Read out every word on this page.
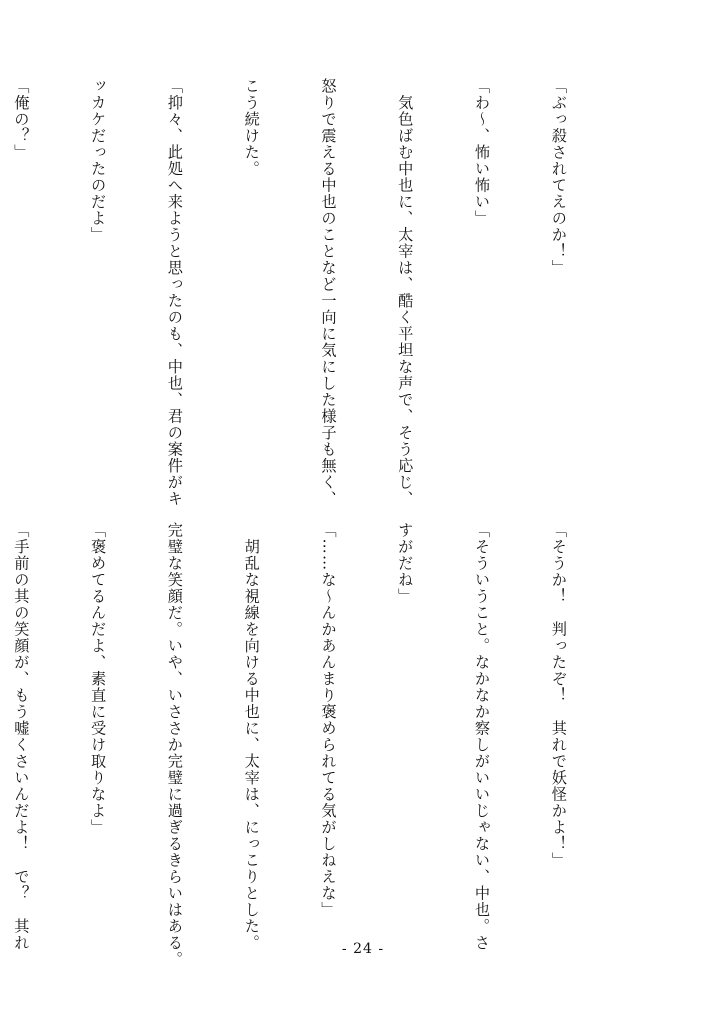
「ぶっ殺されてえのか！」

「わ～、怖い怖い」

　気色ばむ中也に、太宰は、酷く平坦な声で、そう応じ、

怒りで震える中也のことなど一向に気にした様子も無く、

こう続けた。

「抑々、此処へ来ようと思ったのも、中也、君の案件がキ

ッカケだったのだよ」

「俺の？」

「そうか！　判ったぞ！　其れで妖怪かよ！」

「そういうこと。なかなか察しがいいじゃない、中也。さ

すがだね」

「……な～んかあんまり褒められてる気がしねえな」

　胡乱な視線を向ける中也に、太宰は、にっこりとした。

完璧な笑顔だ。いや、いささか完璧に過ぎるきらいはある。

「褒めてるんだよ、素直に受け取りなよ」

「手前の其の笑顔が、もう嘘くさいんだよ！　で？　其れ

	- 24 -
